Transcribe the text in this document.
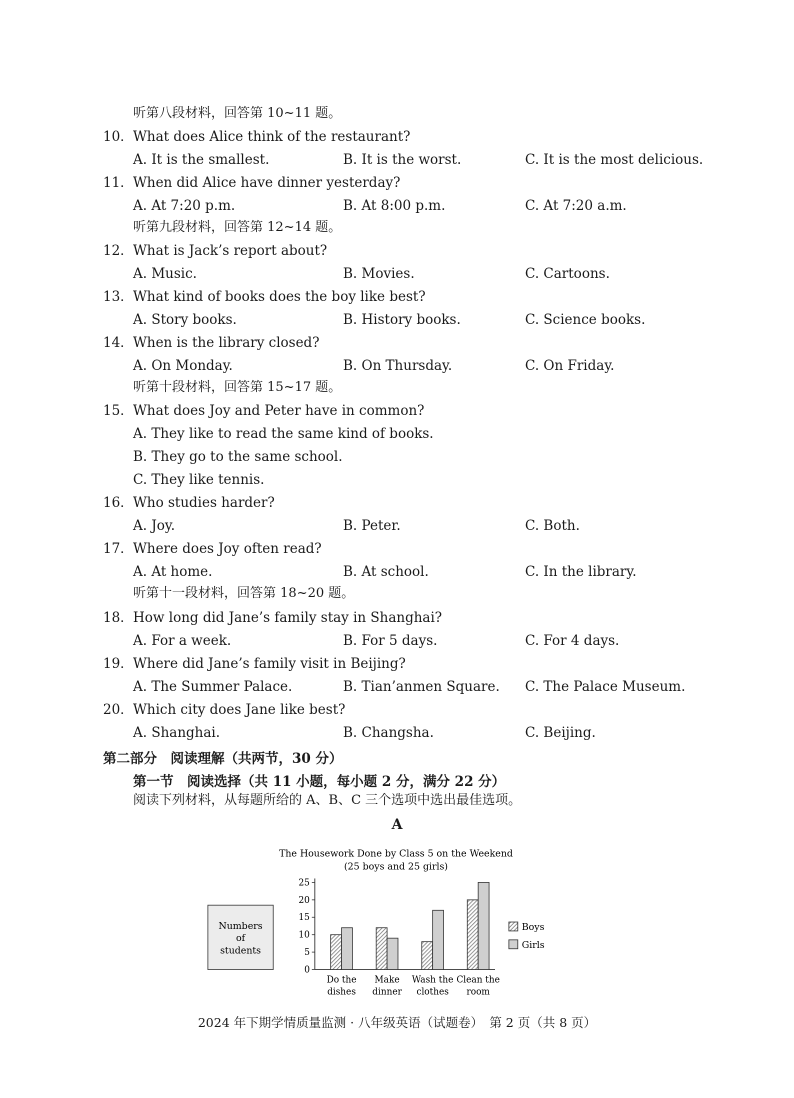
听第八段材料，回答第 10~11 题。
10． What does Alice think of the restaurant?
A. It is the smallest.	B. It is the worst.	C. It is the most delicious.
11． When did Alice have dinner yesterday?
A. At 7:20 p.m.	B. At 8:00 p.m.	C. At 7:20 a.m.
听第九段材料，回答第 12~14 题。
12． What is Jack’s report about?
A. Music.	B. Movies.	C. Cartoons.
13． What kind of books does the boy like best?
A. Story books.	B. History books.	C. Science books.
14． When is the library closed?
A. On Monday.	B. On Thursday.	C. On Friday.
听第十段材料，回答第 15~17 题。
15． What does Joy and Peter have in common?
A. They like to read the same kind of books.
B. They go to the same school.
C. They like tennis.
16． Who studies harder?
A. Joy.	B. Peter.	C. Both.
17． Where does Joy often read?
A. At home.	B. At school.	C. In the library.
听第十一段材料，回答第 18~20 题。
18． How long did Jane’s family stay in Shanghai?
A. For a week.	B. For 5 days.	C. For 4 days.
19． Where did Jane’s family visit in Beijing?
A. The Summer Palace.	B. Tian’anmen Square. C. The Palace Museum.
20． Which city does Jane like best?
A. Shanghai.	B. Changsha.	C. Beijing.
第二部分　阅读理解（共两节，30 分）
第一节　阅读选择（共 11 小题，每小题 2 分，满分 22 分）
阅读下列材料，从每题所给的 A、B、C 三个选项中选出最佳选项。
A
The Housework Done by Class 5 on the Weekend
(25 boys and 25 girls)
Numbers
of
students
0
5
10
15
20
25
Do the
dishes
Make
dinner
Wash the
clothes
Clean the
room
Boys
Girls
2024 年下期学情质量监测 · 八年级英语（试题卷）　第 2 页（共 8 页）
